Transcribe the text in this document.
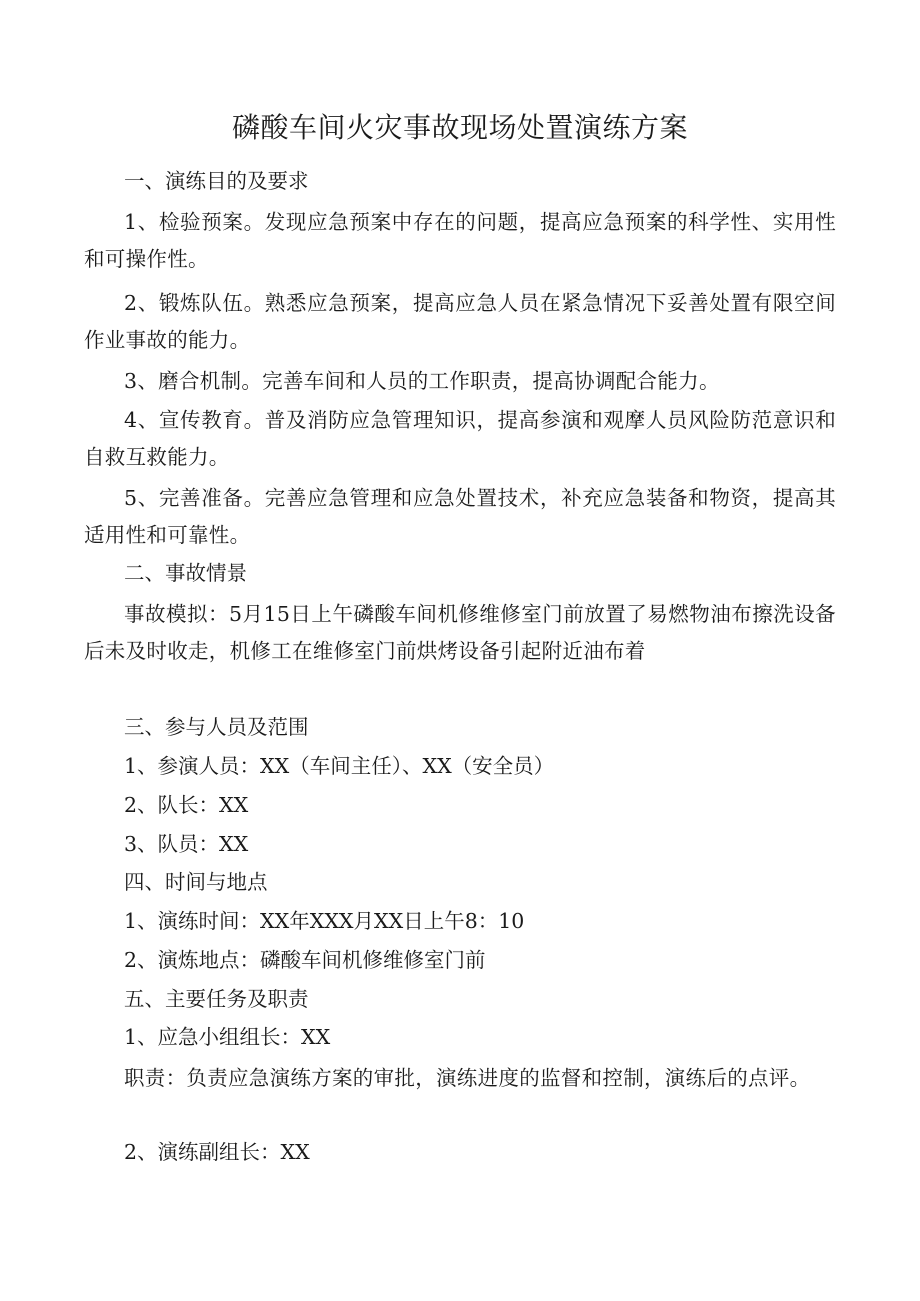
磷酸车间火灾事故现场处置演练方案
一、演练目的及要求
1、检验预案。发现应急预案中存在的问题，提高应急预案的科学性、实用性和可操作性。
2、锻炼队伍。熟悉应急预案，提高应急人员在紧急情况下妥善处置有限空间作业事故的能力。
3、磨合机制。完善车间和人员的工作职责，提高协调配合能力。
4、宣传教育。普及消防应急管理知识，提高参演和观摩人员风险防范意识和自救互救能力。
5、完善准备。完善应急管理和应急处置技术，补充应急装备和物资，提高其适用性和可靠性。
二、事故情景
事故模拟：5月15日上午磷酸车间机修维修室门前放置了易燃物油布擦洗设备后未及时收走，机修工在维修室门前烘烤设备引起附近油布着
三、参与人员及范围
1、参演人员：XX（车间主任）、XX（安全员）
2、队长：XX
3、队员：XX
四、时间与地点
1、演练时间：XX年XXX月XX日上午8：10
2、演炼地点：磷酸车间机修维修室门前
五、主要任务及职责
1、应急小组组长：XX
职责：负责应急演练方案的审批，演练进度的监督和控制，演练后的点评。
2、演练副组长：XX
